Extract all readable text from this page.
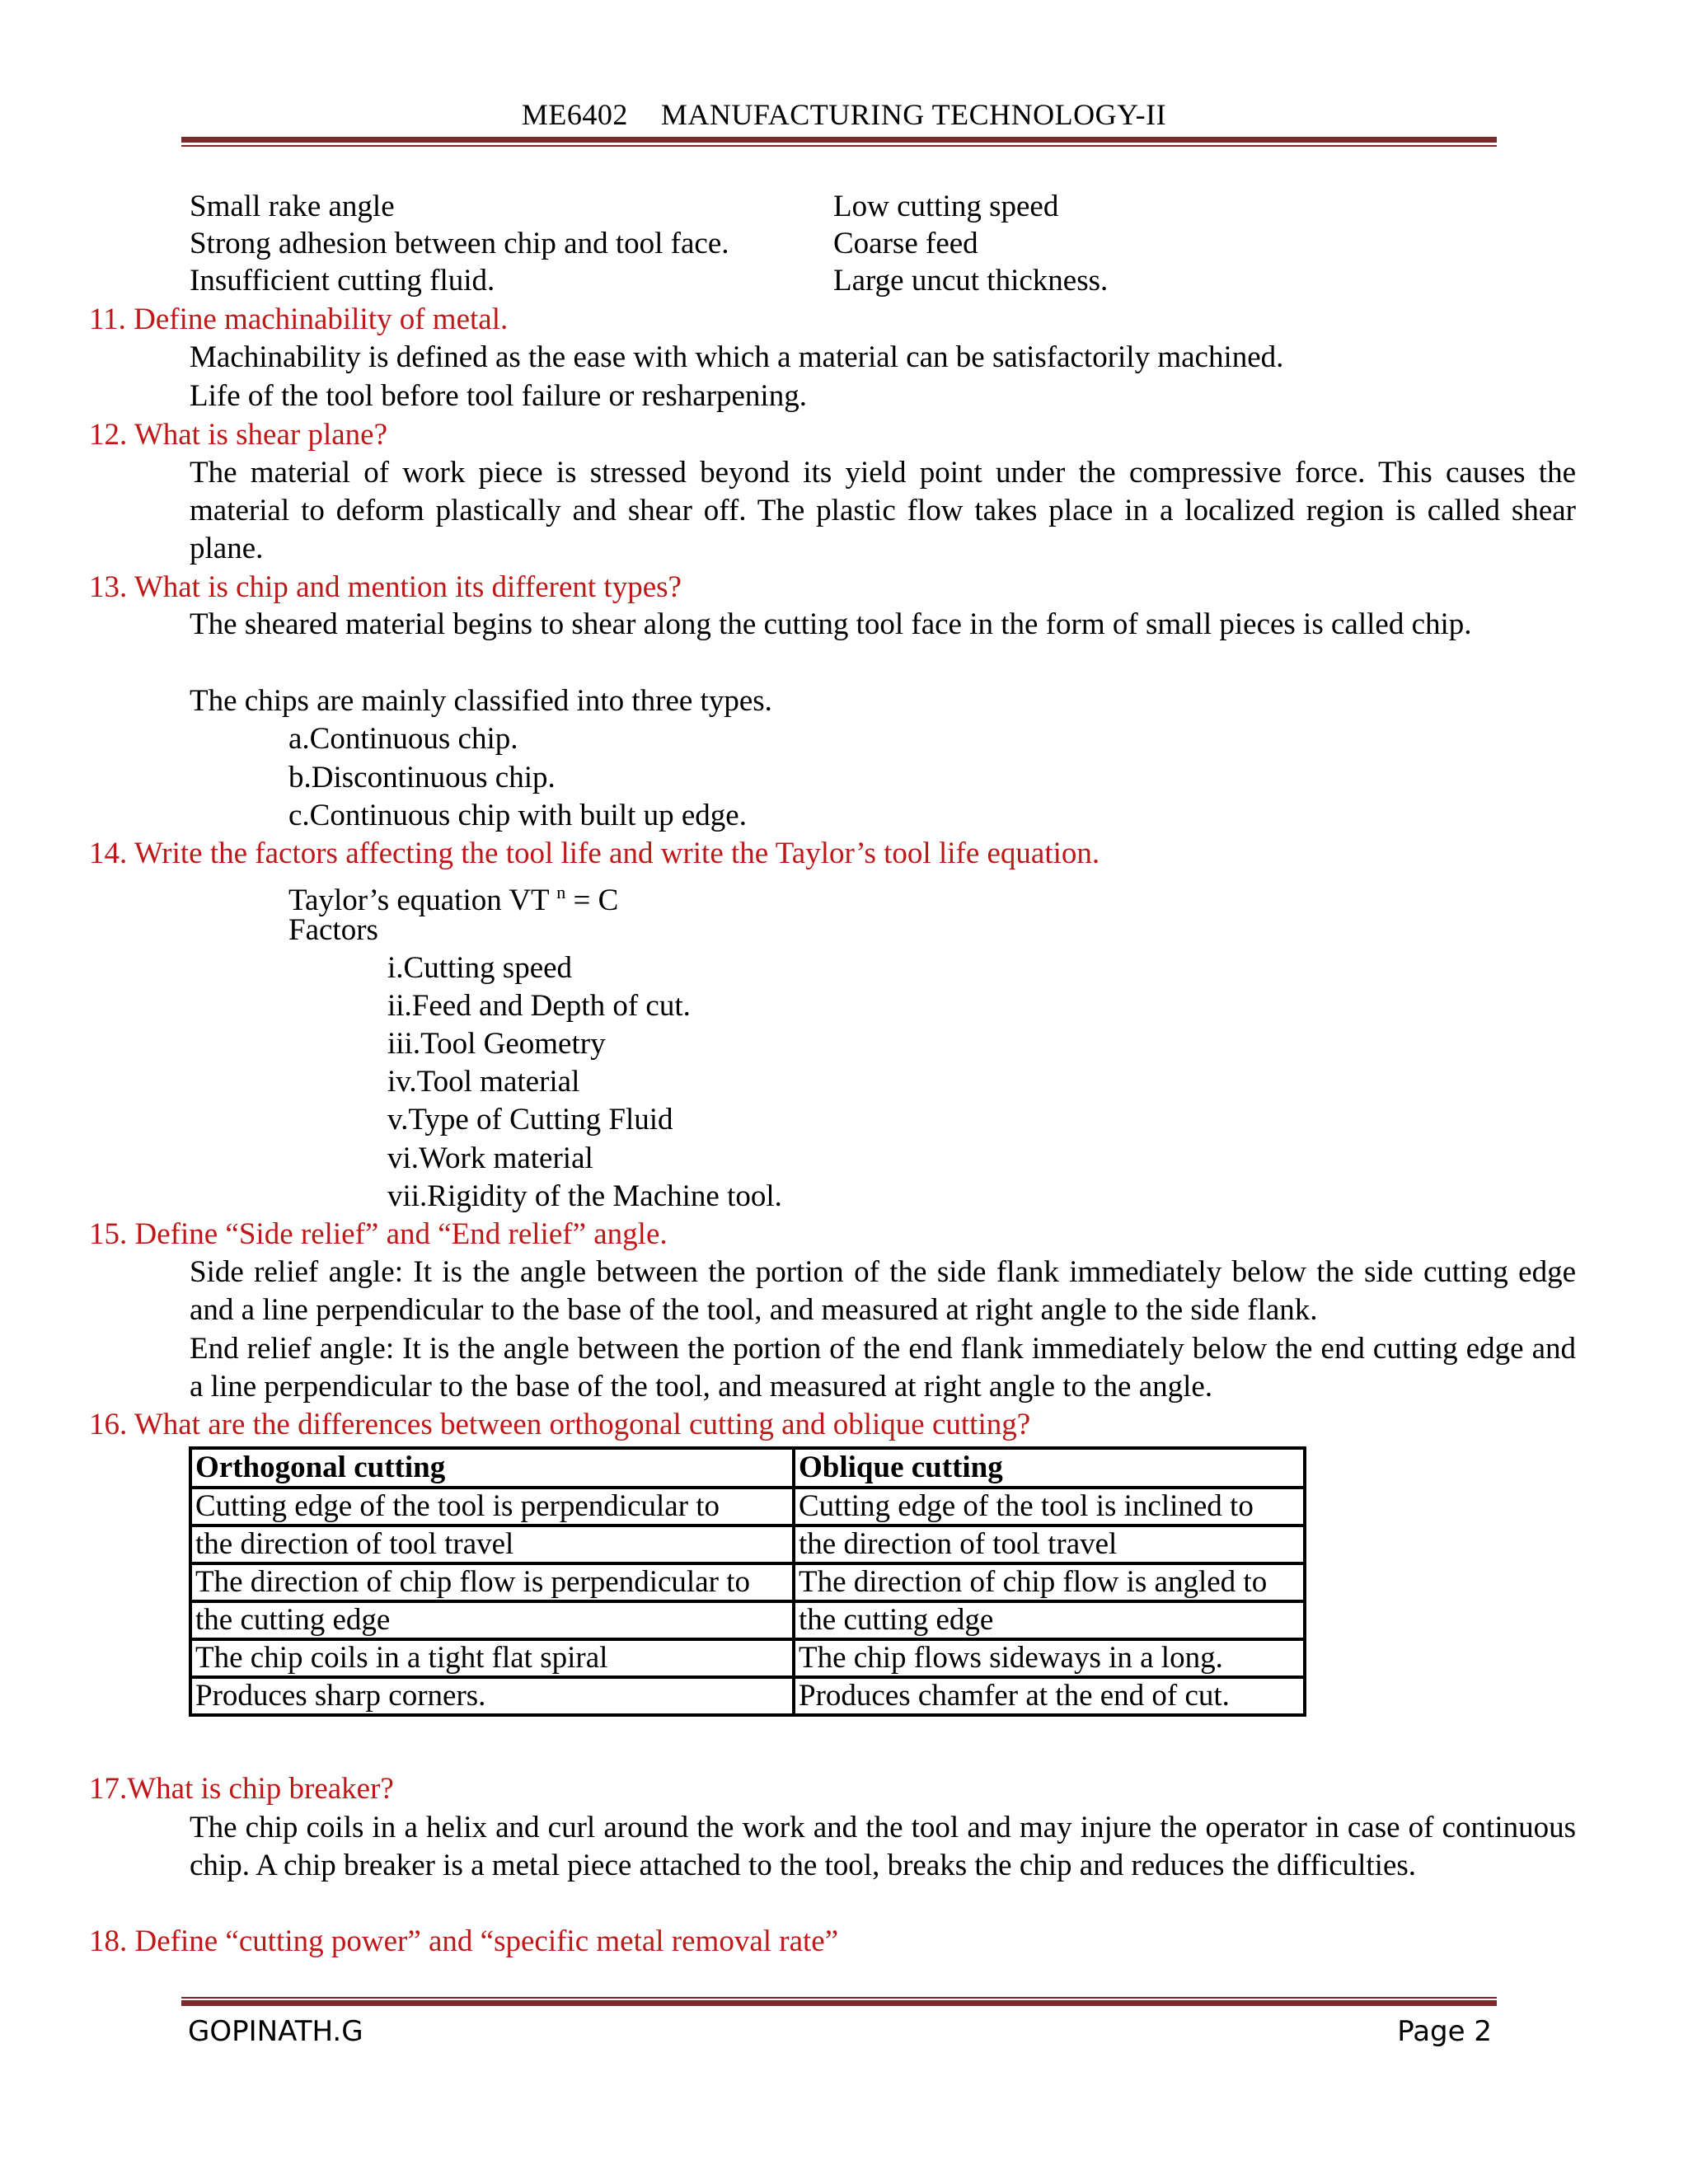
ME6402 MANUFACTURING TECHNOLOGY-II
Small rake angle	Low cutting speed
Strong adhesion between chip and tool face.	Coarse feed
Insufficient cutting fluid.	Large uncut thickness.
11. Define machinability of metal.
Machinability is defined as the ease with which a material can be satisfactorily machined.
Life of the tool before tool failure or resharpening.
12. What is shear plane?
The material of work piece is stressed beyond its yield point under the compressive force. This causes the material to deform plastically and shear off. The plastic flow takes place in a localized region is called shear plane.
13. What is chip and mention its different types?
The sheared material begins to shear along the cutting tool face in the form of small pieces is called chip.
The chips are mainly classified into three types.
a.Continuous chip.
b.Discontinuous chip.
c.Continuous chip with built up edge.
14. Write the factors affecting the tool life and write the Taylor’s tool life equation.
Taylor’s equation VT $^n$ = C
Factors
i.Cutting speed
ii.Feed and Depth of cut.
iii.Tool Geometry
iv.Tool material
v.Type of Cutting Fluid
vi.Work material
vii.Rigidity of the Machine tool.
15. Define “Side relief” and “End relief” angle.
Side relief angle: It is the angle between the portion of the side flank immediately below the side cutting edge and a line perpendicular to the base of the tool, and measured at right angle to the side flank.
End relief angle: It is the angle between the portion of the end flank immediately below the end cutting edge and a line perpendicular to the base of the tool, and measured at right angle to the angle.
16. What are the differences between orthogonal cutting and oblique cutting?
Orthogonal cutting	Oblique cutting
Cutting edge of the tool is perpendicular to	Cutting edge of the tool is inclined to
the direction of tool travel	the direction of tool travel
The direction of chip flow is perpendicular to	The direction of chip flow is angled to
the cutting edge	the cutting edge
The chip coils in a tight flat spiral	The chip flows sideways in a long.
Produces sharp corners.	Produces chamfer at the end of cut.
17.What is chip breaker?
The chip coils in a helix and curl around the work and the tool and may injure the operator in case of continuous chip. A chip breaker is a metal piece attached to the tool, breaks the chip and reduces the difficulties.
18. Define “cutting power” and “specific metal removal rate”
GOPINATH.G	Page 2
